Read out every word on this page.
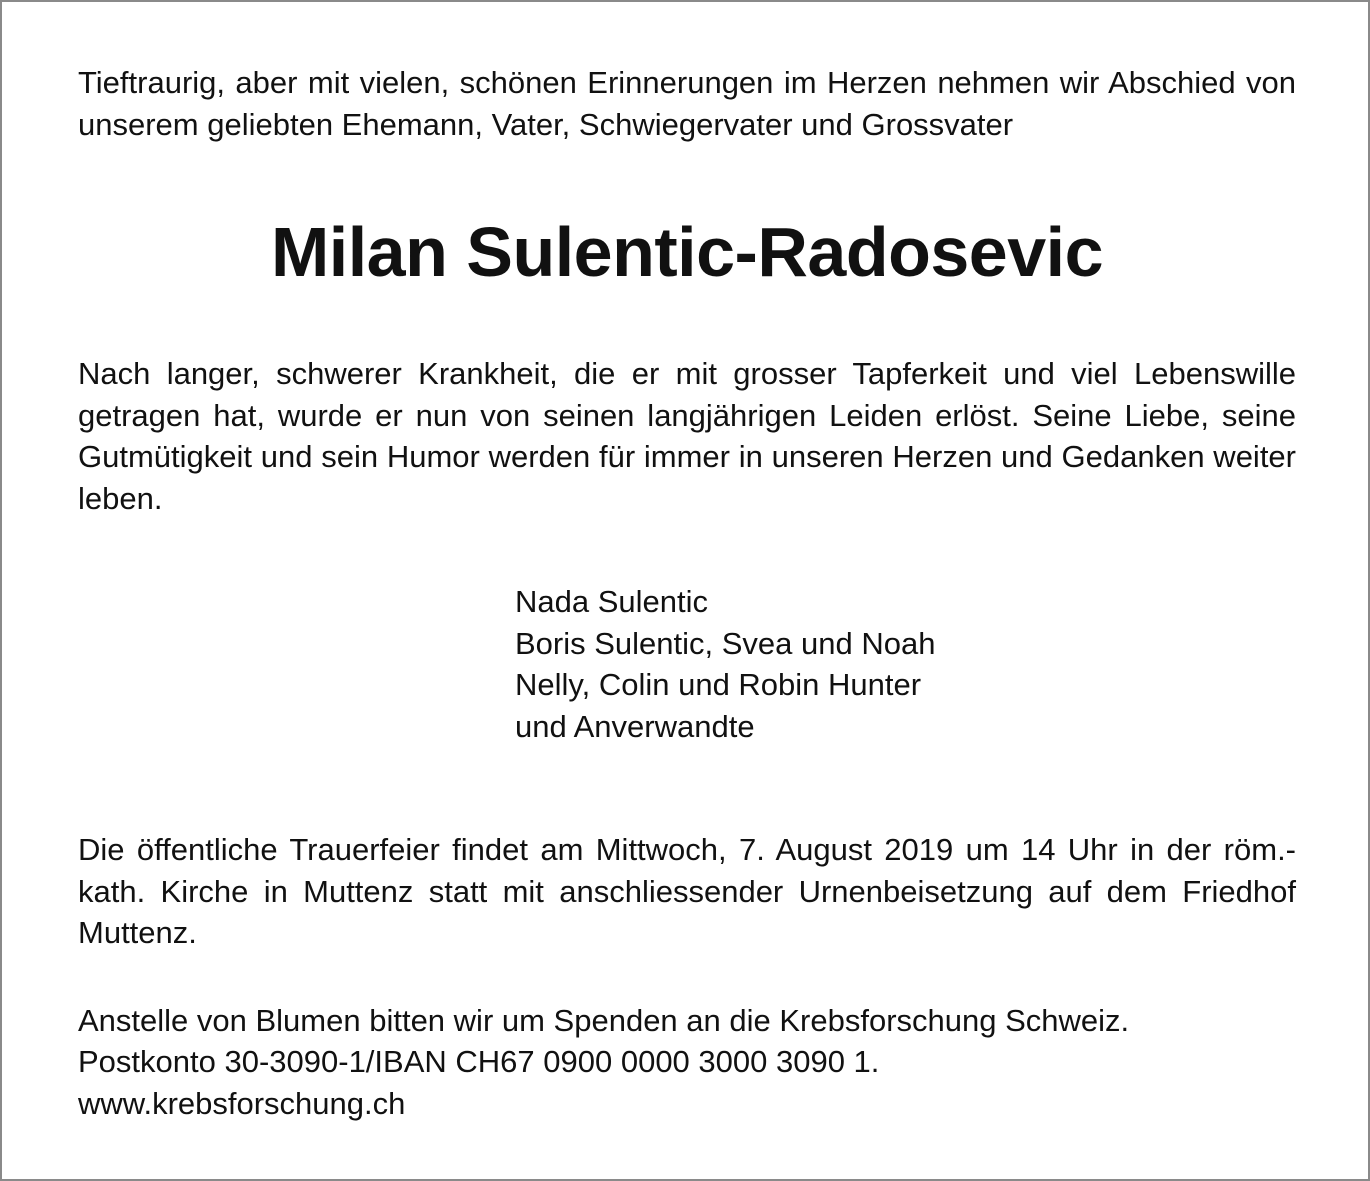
Tieftraurig, aber mit vielen, schönen Erinnerungen im Herzen nehmen wir Abschied von unserem geliebten Ehemann, Vater, Schwiegervater und Grossvater

Milan Sulentic-Radosevic

Nach langer, schwerer Krankheit, die er mit grosser Tapferkeit und viel Lebenswille getragen hat, wurde er nun von seinen langjährigen Leiden erlöst. Seine Liebe, seine Gutmütigkeit und sein Humor werden für immer in unseren Herzen und Gedanken weiter leben.

Nada Sulentic
Boris Sulentic, Svea und Noah
Nelly, Colin und Robin Hunter
und Anverwandte

Die öffentliche Trauerfeier findet am Mittwoch, 7. August 2019 um 14 Uhr in der röm.-kath. Kirche in Muttenz statt mit anschliessender Urnenbeisetzung auf dem Friedhof Muttenz.

Anstelle von Blumen bitten wir um Spenden an die Krebsforschung Schweiz.
Postkonto 30-3090-1/IBAN CH67 0900 0000 3000 3090 1.
www.krebsforschung.ch
